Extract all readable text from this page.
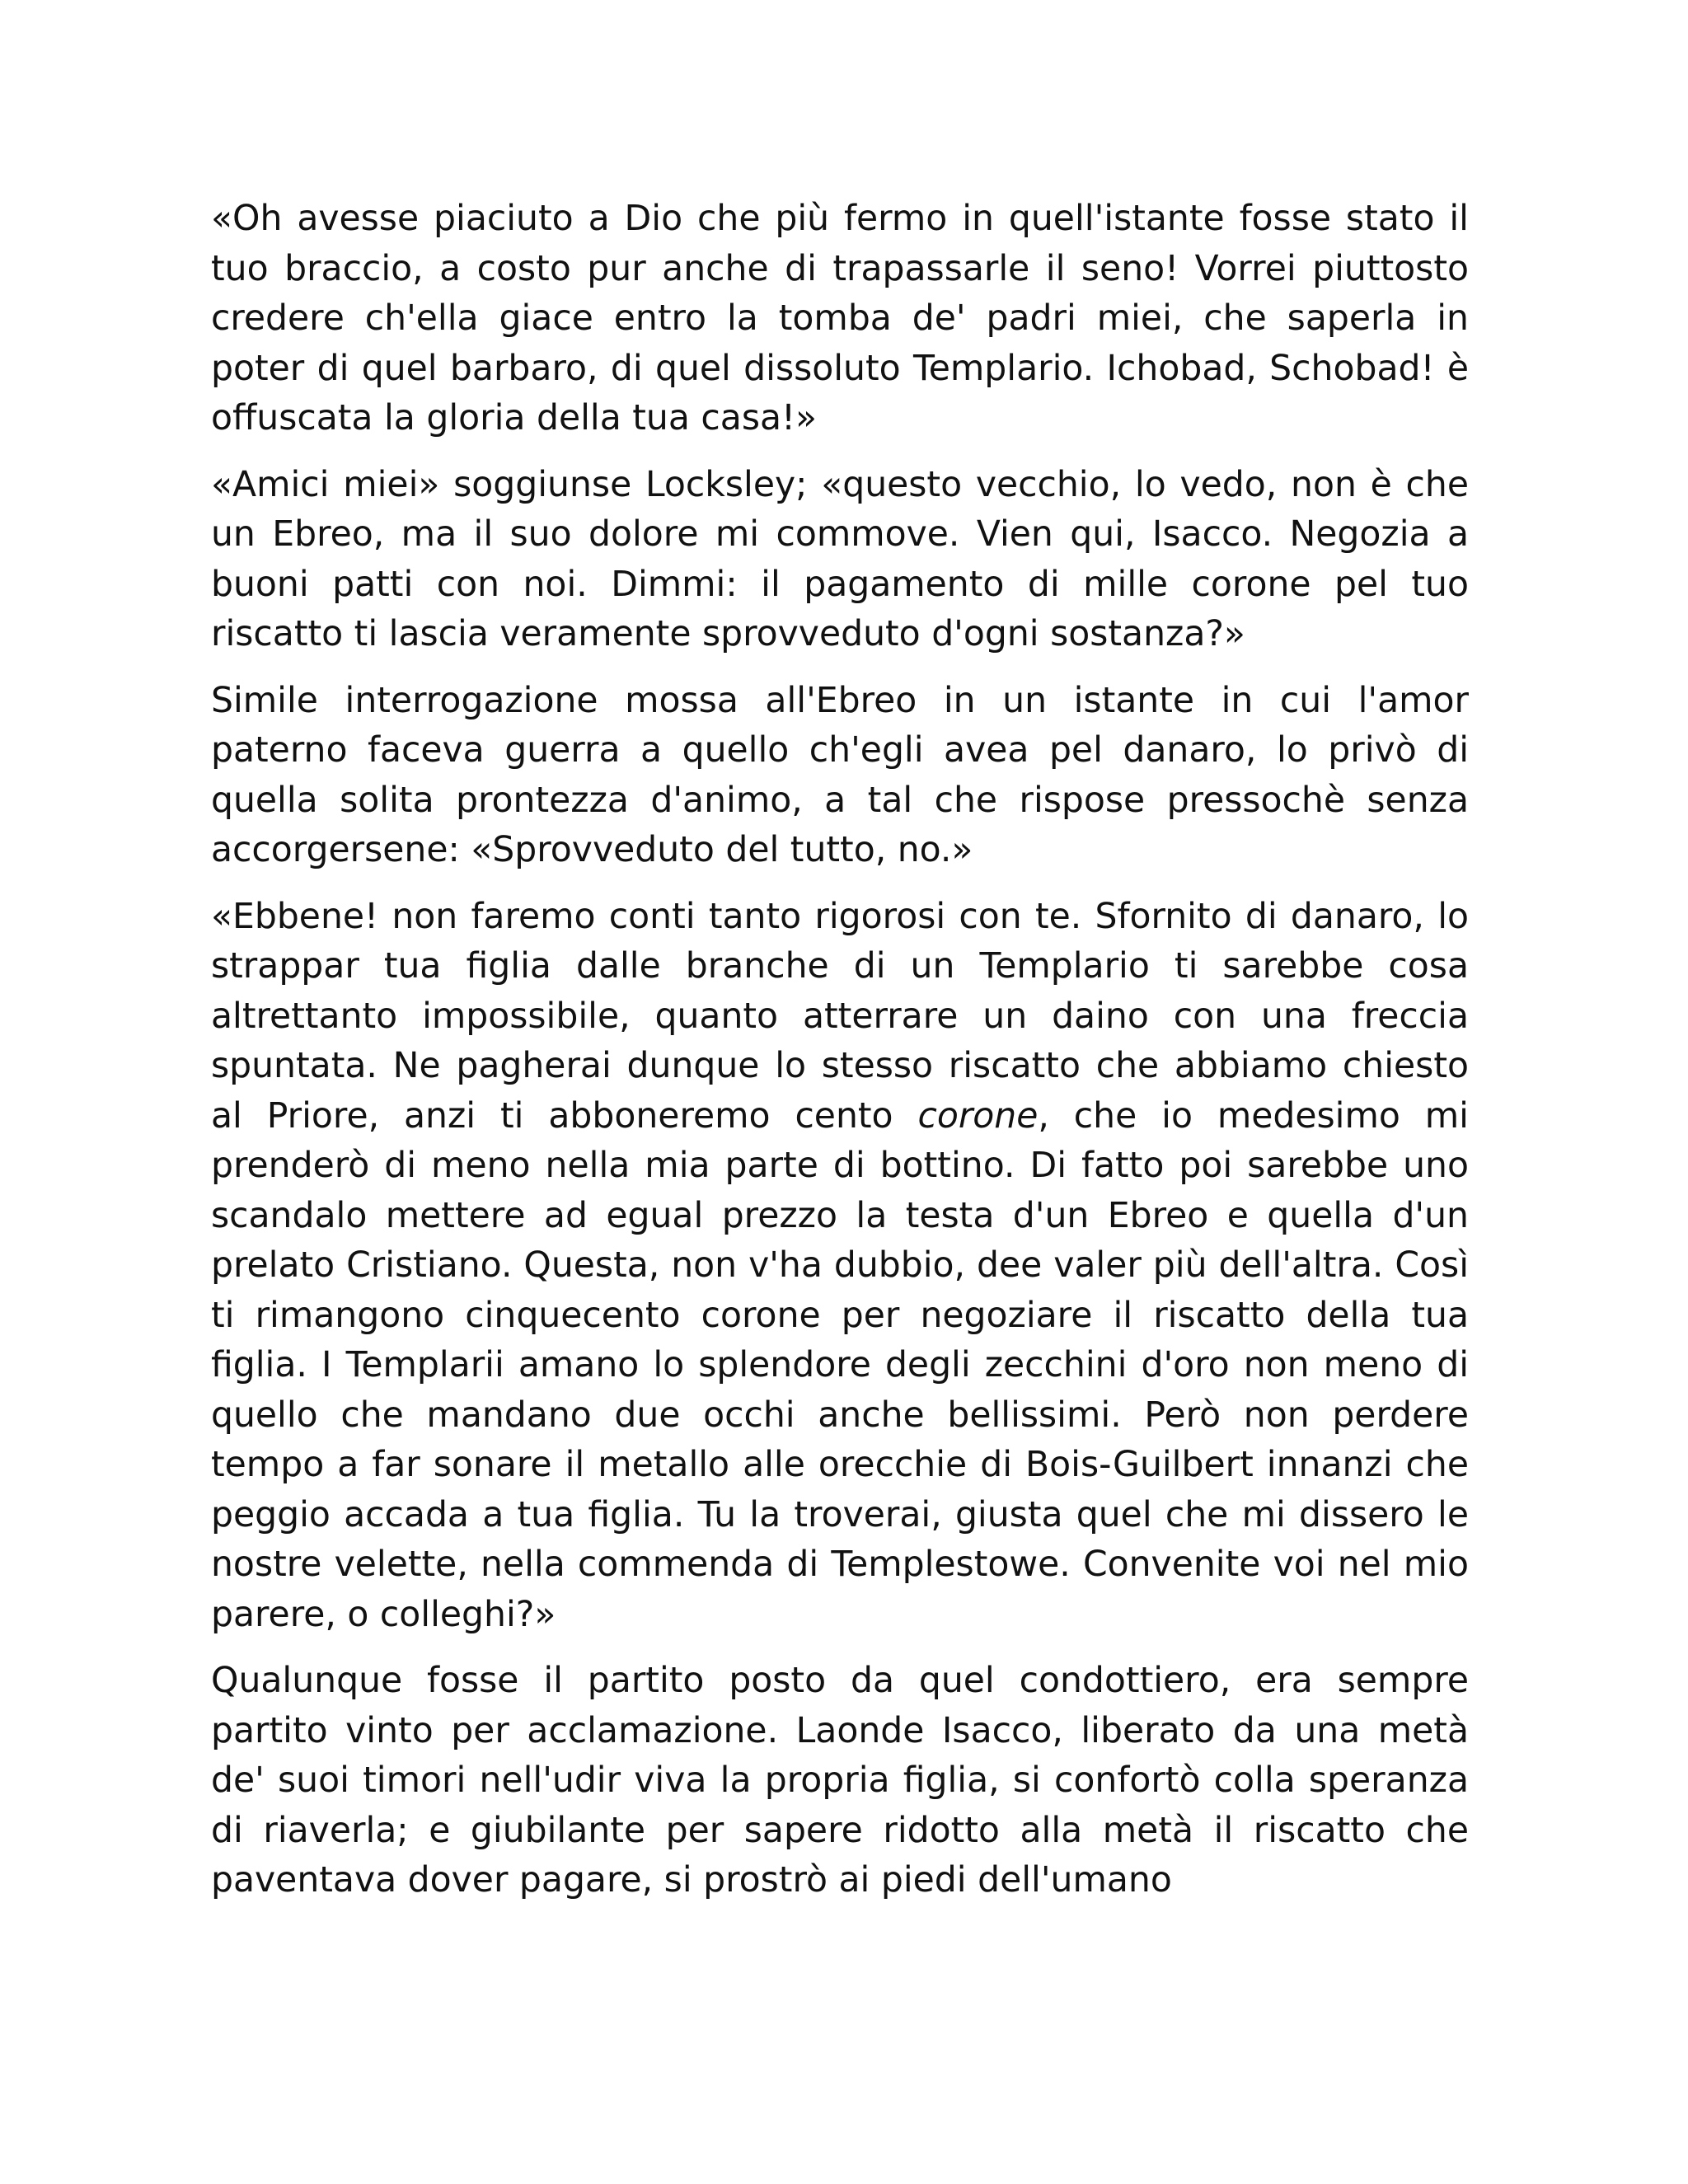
«Oh avesse piaciuto a Dio che più fermo in quell'istante fosse stato il tuo braccio, a costo pur anche di trapassarle il seno! Vorrei piuttosto credere ch'ella giace entro la tomba de' padri miei, che saperla in poter di quel barbaro, di quel dissoluto Templario. Ichobad, Schobad! è offuscata la gloria della tua casa!»

«Amici miei» soggiunse Locksley; «questo vecchio, lo vedo, non è che un Ebreo, ma il suo dolore mi commove. Vien qui, Isacco. Negozia a buoni patti con noi. Dimmi: il pagamento di mille corone pel tuo riscatto ti lascia veramente sprovveduto d'ogni sostanza?»

Simile interrogazione mossa all'Ebreo in un istante in cui l'amor paterno faceva guerra a quello ch'egli avea pel danaro, lo privò di quella solita prontezza d'animo, a tal che rispose pressochè senza accorgersene: «Sprovveduto del tutto, no.»

«Ebbene! non faremo conti tanto rigorosi con te. Sfornito di danaro, lo strappar tua figlia dalle branche di un Templario ti sarebbe cosa altrettanto impossibile, quanto atterrare un daino con una freccia spuntata. Ne pagherai dunque lo stesso riscatto che abbiamo chiesto al Priore, anzi ti abboneremo cento corone, che io medesimo mi prenderò di meno nella mia parte di bottino. Di fatto poi sarebbe uno scandalo mettere ad egual prezzo la testa d'un Ebreo e quella d'un prelato Cristiano. Questa, non v'ha dubbio, dee valer più dell'altra. Così ti rimangono cinquecento corone per negoziare il riscatto della tua figlia. I Templarii amano lo splendore degli zecchini d'oro non meno di quello che mandano due occhi anche bellissimi. Però non perdere tempo a far sonare il metallo alle orecchie di Bois-Guilbert innanzi che peggio accada a tua figlia. Tu la troverai, giusta quel che mi dissero le nostre velette, nella commenda di Templestowe. Convenite voi nel mio parere, o colleghi?»

Qualunque fosse il partito posto da quel condottiero, era sempre partito vinto per acclamazione. Laonde Isacco, liberato da una metà de' suoi timori nell'udir viva la propria figlia, si confortò colla speranza di riaverla; e giubilante per sapere ridotto alla metà il riscatto che paventava dover pagare, si prostrò ai piedi dell'umano
